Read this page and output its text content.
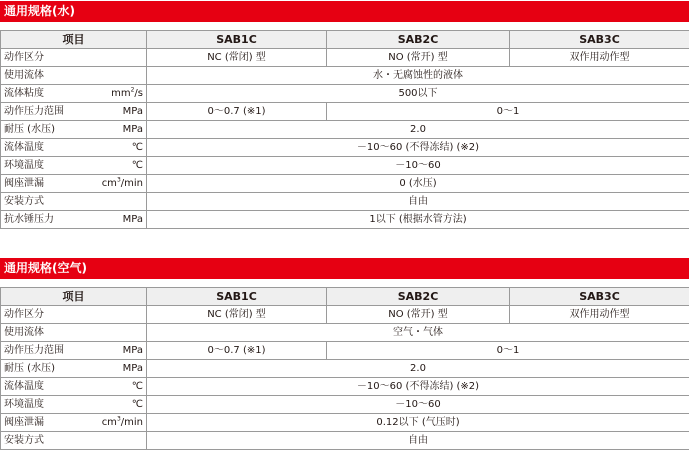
通用规格(水)
项目		SAB1C	SAB2C	SAB3C
动作区分		NC (常闭) 型	NO (常开) 型	双作用动作型
使用流体		水・无腐蚀性的液体		
流体粘度	$mm^2/s$	500以下		
动作压力范围	MPa	0～0.7 (※1)	0～1	
耐压 (水压)	MPa	2.0		
流体温度	℃	－10～60 (不得冻结) (※2)		
环境温度	℃	－10～60		
阀座泄漏	$cm^3/\min$	0 (水压)		
安装方式		自由		
抗水锤压力	MPa	1以下 (根据水管方法)		
通用规格(空气)
项目		SAB1C	SAB2C	SAB3C
动作区分		NC (常闭) 型	NO (常开) 型	双作用动作型
使用流体		空气・气体		
动作压力范围	MPa	0～0.7 (※1)	0～1	
耐压 (水压)	MPa	2.0		
流体温度	℃	－10～60 (不得冻结) (※2)		
环境温度	℃	－10～60		
阀座泄漏	$cm^3/\min$	0.12以下 (气压时)		
安装方式		自由		
